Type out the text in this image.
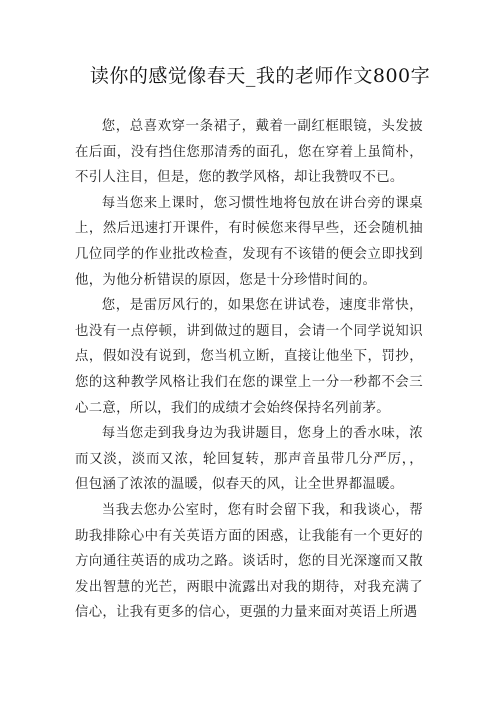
读你的感觉像春天_我的老师作文800字

您，总喜欢穿一条裙子，戴着一副红框眼镜，头发披在后面，没有挡住您那清秀的面孔，您在穿着上虽简朴，不引人注目，但是，您的教学风格，却让我赞叹不已。

每当您来上课时，您习惯性地将包放在讲台旁的课桌上，然后迅速打开课件，有时候您来得早些，还会随机抽几位同学的作业批改检查，发现有不该错的便会立即找到他，为他分析错误的原因，您是十分珍惜时间的。

您，是雷厉风行的，如果您在讲试卷，速度非常快，也没有一点停顿，讲到做过的题目，会请一个同学说知识点，假如没有说到，您当机立断，直接让他坐下，罚抄，您的这种教学风格让我们在您的课堂上一分一秒都不会三心二意，所以，我们的成绩才会始终保持名列前茅。

每当您走到我身边为我讲题目，您身上的香水味，浓而又淡，淡而又浓，轮回复转，那声音虽带几分严厉，，但包涵了浓浓的温暖，似春天的风，让全世界都温暖。

当我去您办公室时，您有时会留下我，和我谈心，帮助我排除心中有关英语方面的困惑，让我能有一个更好的方向通往英语的成功之路。谈话时，您的目光深邃而又散发出智慧的光芒，两眼中流露出对我的期待，对我充满了信心，让我有更多的信心，更强的力量来面对英语上所遇
